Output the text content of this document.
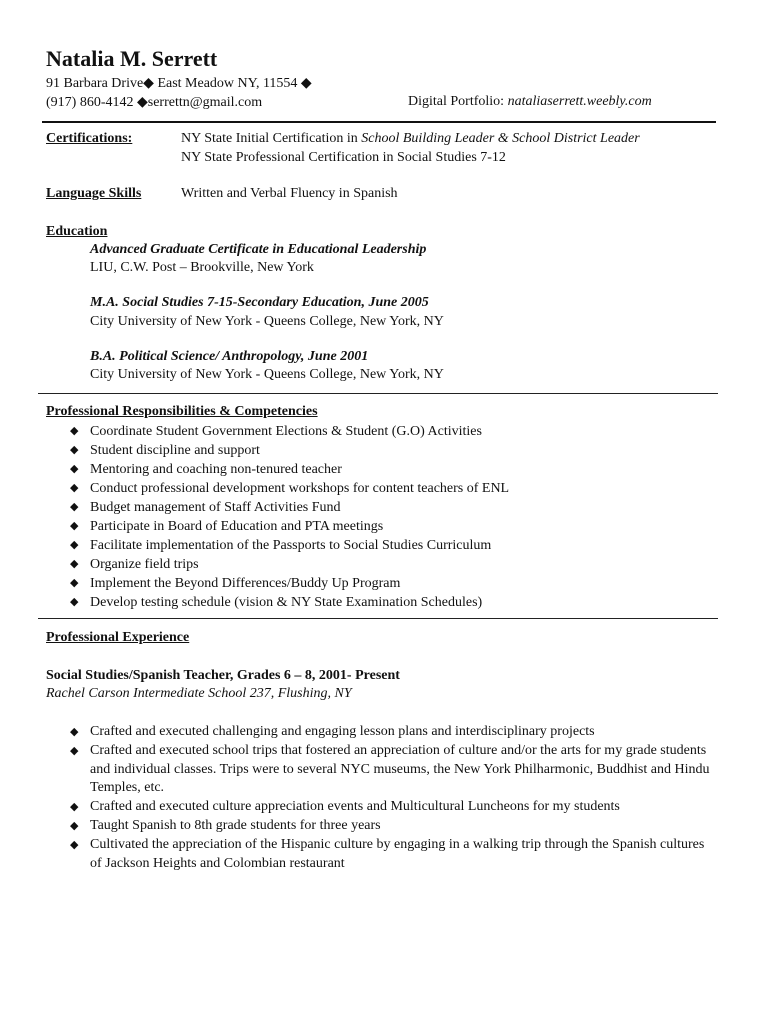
Natalia M. Serrett
91 Barbara Drive◆ East Meadow NY, 11554 ◆
(917) 860-4142 ◆serrettn@gmail.com	Digital Portfolio: nataliaserrett.weebly.com
Certifications:	NY State Initial Certification in School Building Leader & School District Leader
NY State Professional Certification in Social Studies 7-12
Language Skills	Written and Verbal Fluency in Spanish
Education
Advanced Graduate Certificate in Educational Leadership
LIU, C.W. Post – Brookville, New York
M.A. Social Studies 7-15-Secondary Education, June 2005
City University of New York - Queens College, New York, NY
B.A. Political Science/ Anthropology, June 2001
City University of New York - Queens College, New York, NY
Professional Responsibilities & Competencies
◆ Coordinate Student Government Elections & Student (G.O) Activities
◆ Student discipline and support
◆ Mentoring and coaching non-tenured teacher
◆ Conduct professional development workshops for content teachers of ENL
◆ Budget management of Staff Activities Fund
◆ Participate in Board of Education and PTA meetings
◆ Facilitate implementation of the Passports to Social Studies Curriculum
◆ Organize field trips
◆ Implement the Beyond Differences/Buddy Up Program
◆ Develop testing schedule (vision & NY State Examination Schedules)
Professional Experience
Social Studies/Spanish Teacher, Grades 6 – 8, 2001- Present
Rachel Carson Intermediate School 237, Flushing, NY
◆ Crafted and executed challenging and engaging lesson plans and interdisciplinary projects
◆ Crafted and executed school trips that fostered an appreciation of culture and/or the arts for my grade students and individual classes. Trips were to several NYC museums, the New York Philharmonic, Buddhist and Hindu Temples, etc.
◆ Crafted and executed culture appreciation events and Multicultural Luncheons for my students
◆ Taught Spanish to 8th grade students for three years
◆ Cultivated the appreciation of the Hispanic culture by engaging in a walking trip through the Spanish cultures of Jackson Heights and Colombian restaurant
